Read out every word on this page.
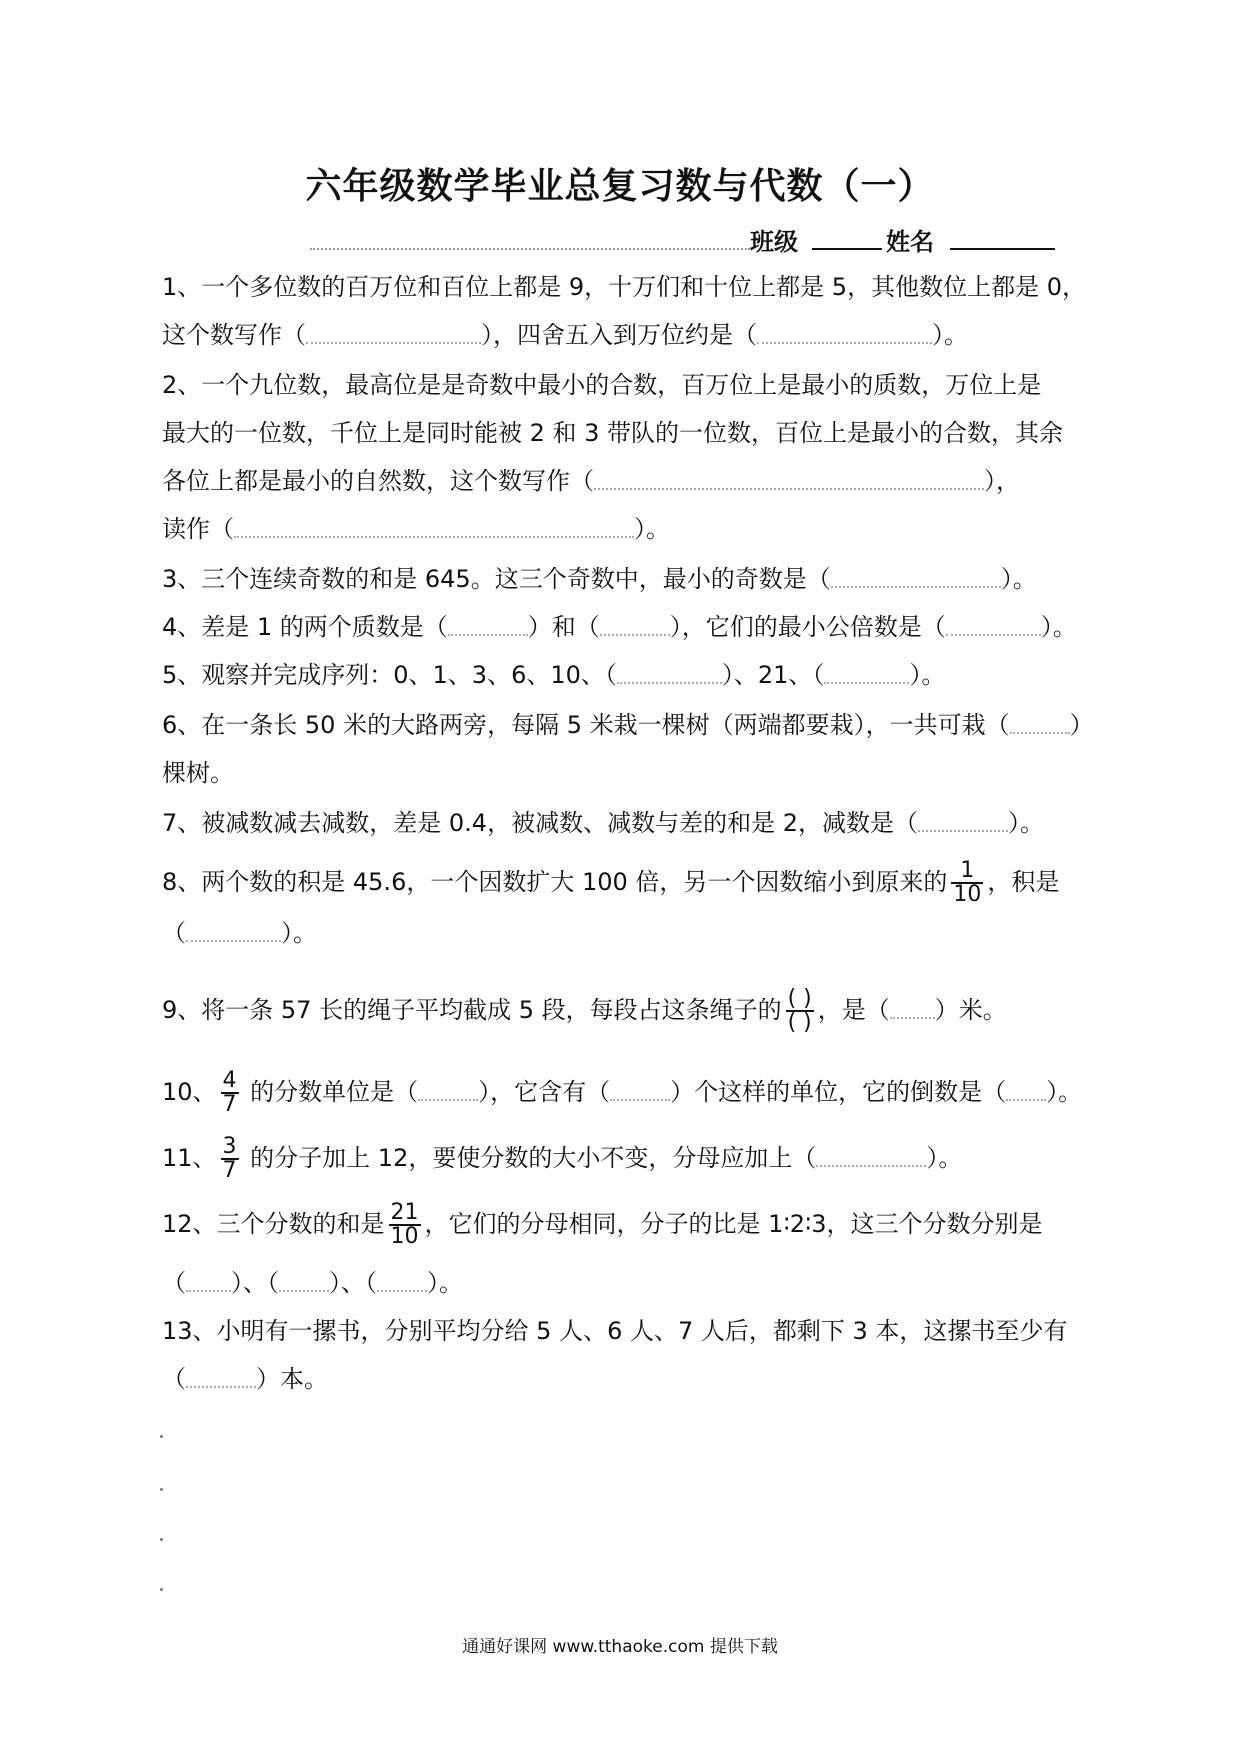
六年级数学毕业总复习数与代数（一）
班级	姓名
1、一个多位数的百万位和百位上都是 9，十万们和十位上都是 5，其他数位上都是 0，
这个数写作（	），四舍五入到万位约是（	）。
2、一个九位数，最高位是是奇数中最小的合数，百万位上是最小的质数，万位上是
最大的一位数，千位上是同时能被 2 和 3 带队的一位数，百位上是最小的合数，其余
各位上都是最小的自然数，这个数写作（	），
读作（	）。
3、三个连续奇数的和是 645。这三个奇数中，最小的奇数是（	）。
4、差是 1 的两个质数是（	）和（	），它们的最小公倍数是（	）。
5、观察并完成序列：0、1、3、6、10、（	）、21、（	）。
6、在一条长 50 米的大路两旁，每隔 5 米栽一棵树（两端都要栽），一共可栽（	）
棵树。
7、被减数减去减数，差是 0.4，被减数、减数与差的和是 2，减数是（	）。
8、两个数的积是 45.6，一个因数扩大 100 倍，另一个因数缩小到原来的 $\frac{1}{10}$ ，积是
（	）。
9、将一条 57 长的绳子平均截成 5 段，每段占这条绳子的 $\frac{( )}{( )}$ ，是（ ）米。
10、 $\frac{4}{7}$ 的分数单位是（	），它含有（	）个这样的单位，它的倒数是（ ）。
11、 $\frac{3}{7}$ 的分子加上 12，要使分数的大小不变，分母应加上（	）。
12、三个分数的和是 $\frac{21}{10}$ ，它们的分母相同，分子的比是 1∶2∶3，这三个分数分别是
（ ）、（ ）、（ ）。
13、小明有一摞书，分别平均分给 5 人、6 人、7 人后，都剩下 3 本，这摞书至少有
（	）本。
通通好课网 www.tthaoke.com 提供下载
